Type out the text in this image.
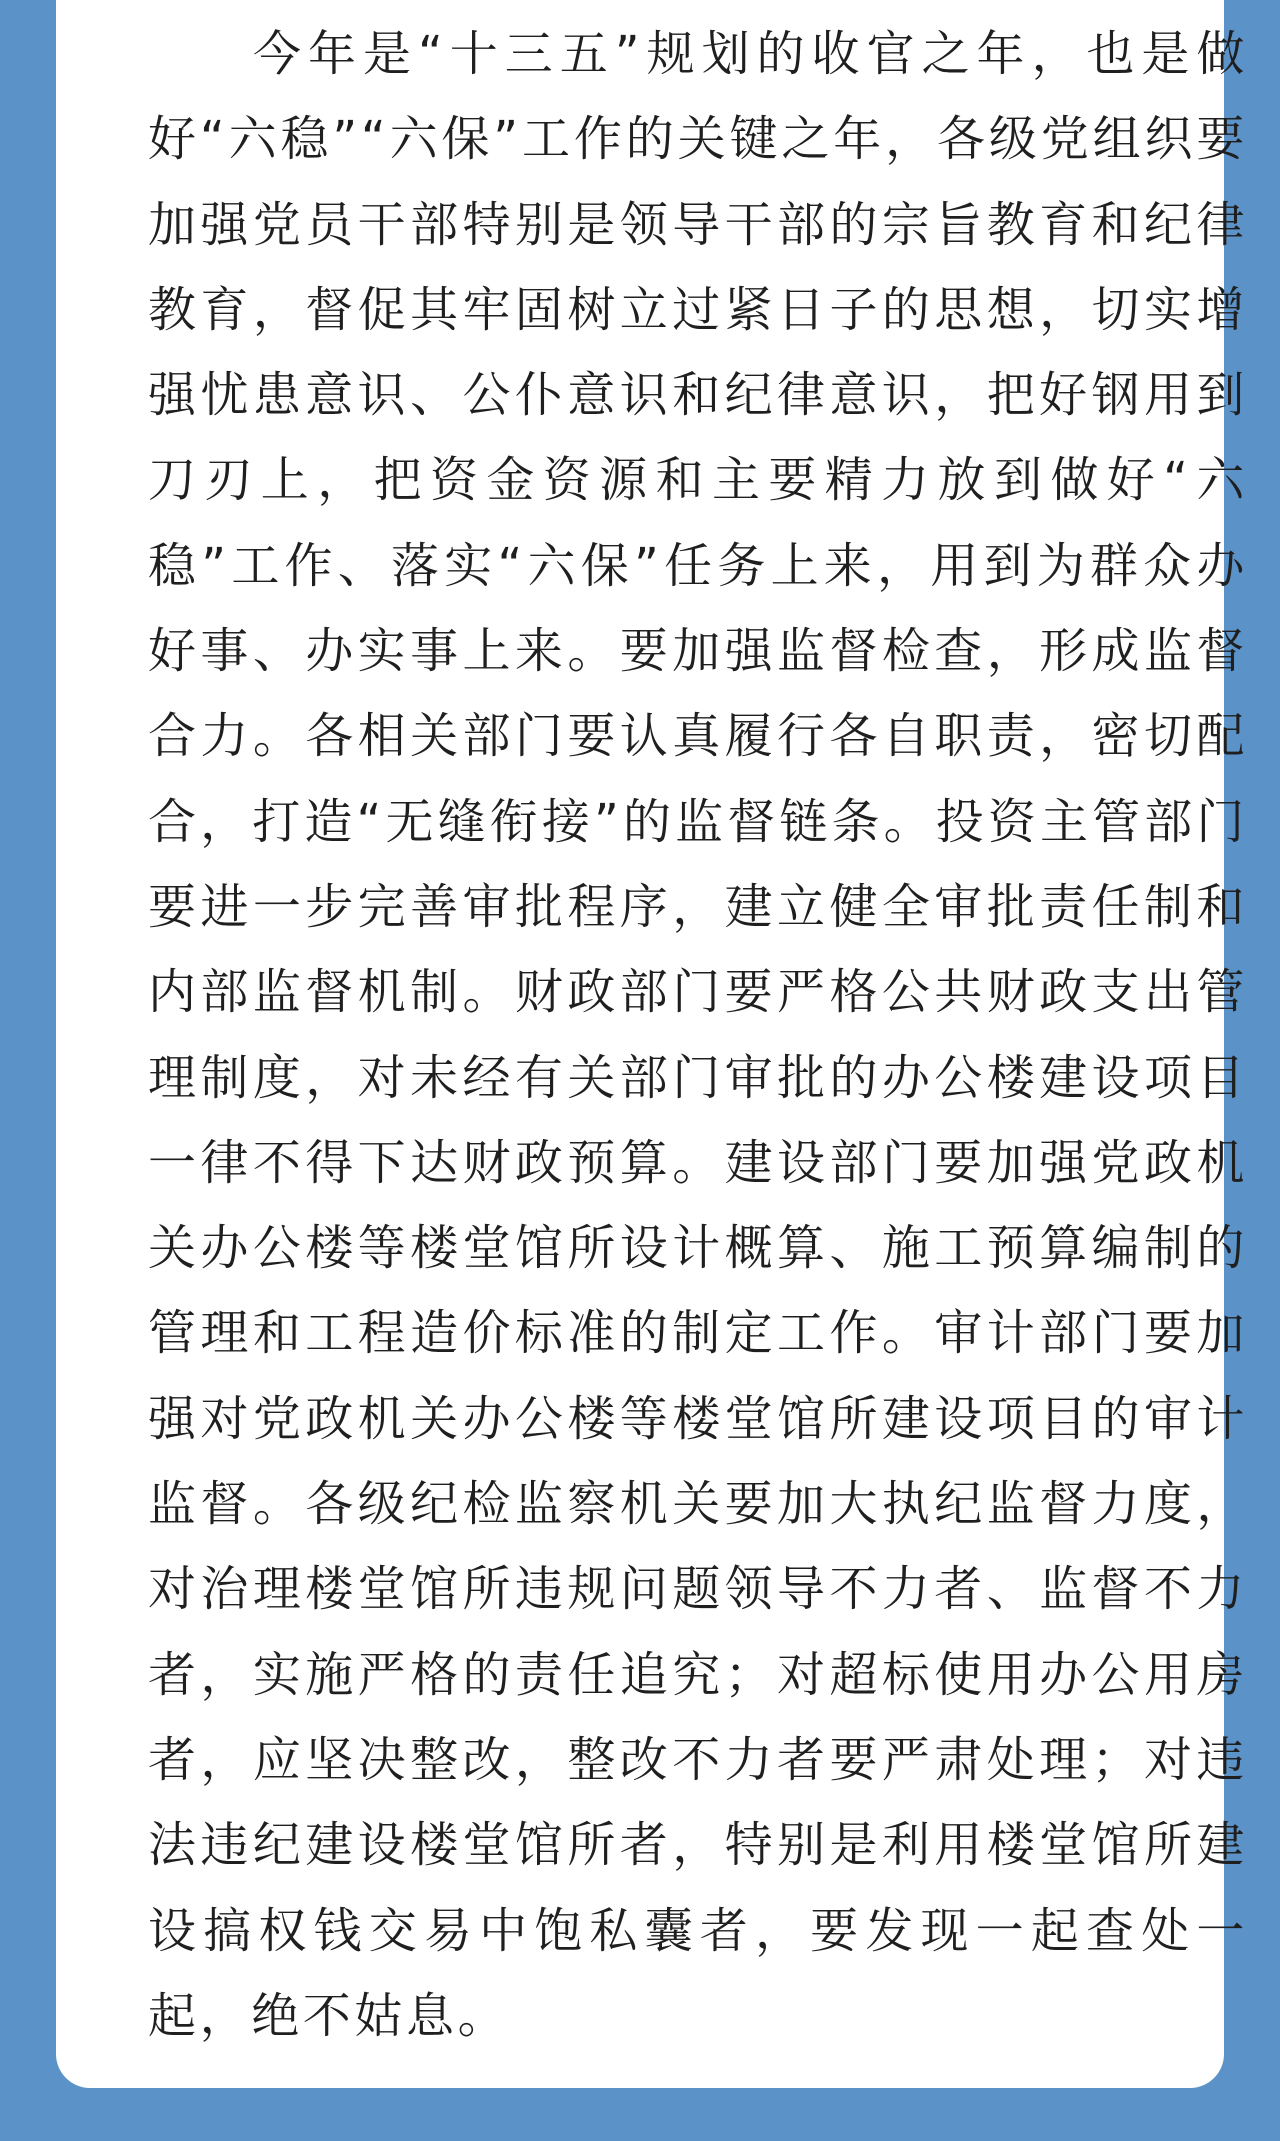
今年是“十三五”规划的收官之年，也是做好“六稳”“六保”工作的关键之年，各级党组织要加强党员干部特别是领导干部的宗旨教育和纪律教育，督促其牢固树立过紧日子的思想，切实增强忧患意识、公仆意识和纪律意识，把好钢用到刀刃上，把资金资源和主要精力放到做好“六稳”工作、落实“六保”任务上来，用到为群众办好事、办实事上来。要加强监督检查，形成监督合力。各相关部门要认真履行各自职责，密切配合，打造“无缝衔接”的监督链条。投资主管部门要进一步完善审批程序，建立健全审批责任制和内部监督机制。财政部门要严格公共财政支出管理制度，对未经有关部门审批的办公楼建设项目一律不得下达财政预算。建设部门要加强党政机关办公楼等楼堂馆所设计概算、施工预算编制的管理和工程造价标准的制定工作。审计部门要加强对党政机关办公楼等楼堂馆所建设项目的审计监督。各级纪检监察机关要加大执纪监督力度，对治理楼堂馆所违规问题领导不力者、监督不力者，实施严格的责任追究；对超标使用办公用房者，应坚决整改，整改不力者要严肃处理；对违法违纪建设楼堂馆所者，特别是利用楼堂馆所建设搞权钱交易中饱私囊者，要发现一起查处一起，绝不姑息。
